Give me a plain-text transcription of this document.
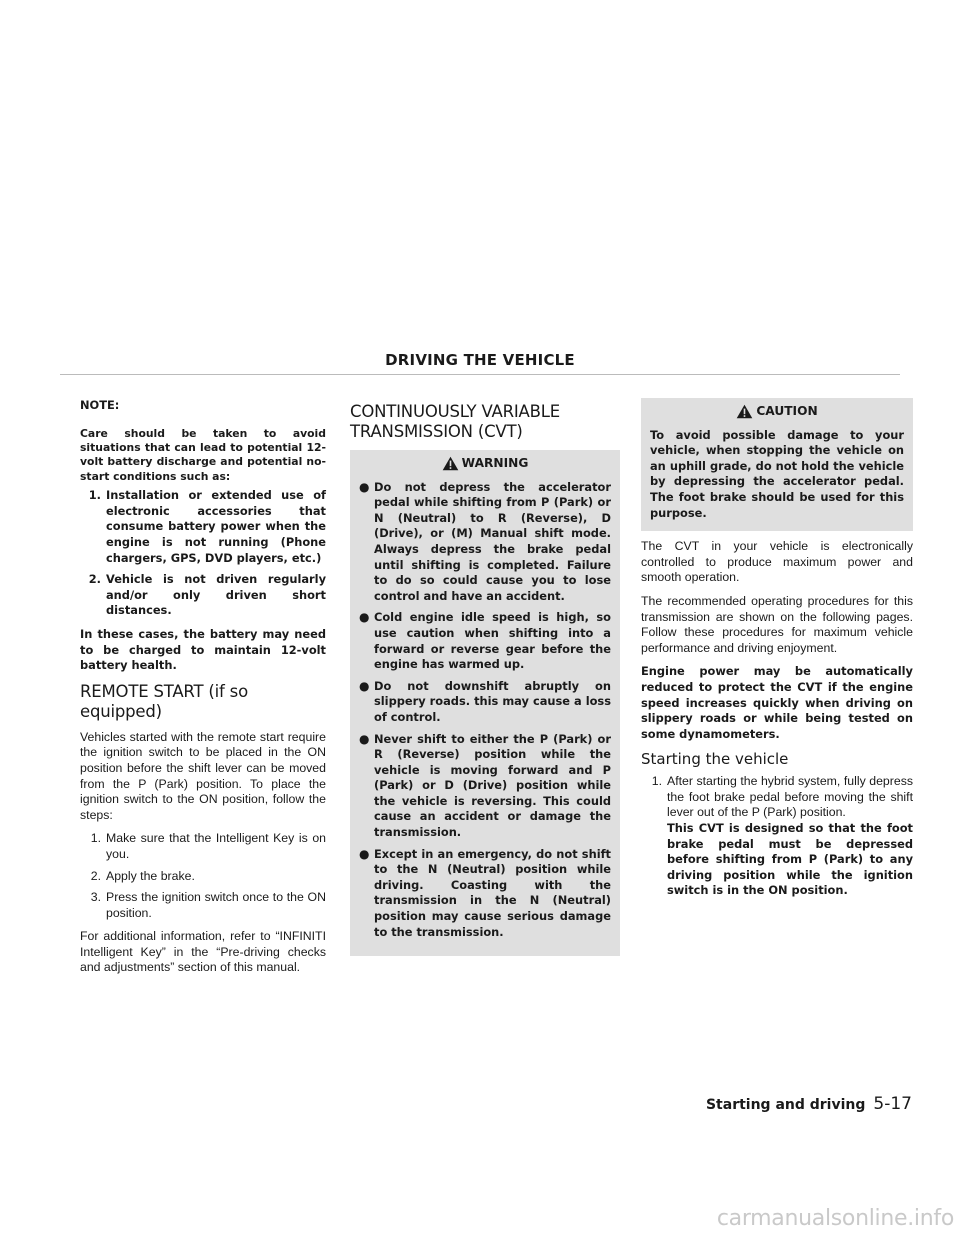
DRIVING THE VEHICLE
NOTE:
Care should be taken to avoid situations that can lead to potential 12-volt battery discharge and potential no-start conditions such as:
1. Installation or extended use of electronic accessories that consume battery power when the engine is not running (Phone chargers, GPS, DVD players, etc.)
2. Vehicle is not driven regularly and/or only driven short distances.

In these cases, the battery may need to be charged to maintain 12-volt battery health.

REMOTE START (if so equipped)

Vehicles started with the remote start require the ignition switch to be placed in the ON position before the shift lever can be moved from the P (Park) position. To place the ignition switch to the ON position, follow the steps:

1. Make sure that the Intelligent Key is on you.
2. Apply the brake.
3. Press the ignition switch once to the ON position.

For additional information, refer to “INFINITI Intelligent Key” in the “Pre-driving checks and adjustments” section of this manual.

CONTINUOUSLY VARIABLE TRANSMISSION (CVT)
WARNING
● Do not depress the accelerator pedal while shifting from P (Park) or N (Neutral) to R (Reverse), D (Drive), or (M) Manual shift mode. Always depress the brake pedal until shifting is completed. Failure to do so could cause you to lose control and have an accident.
● Cold engine idle speed is high, so use caution when shifting into a forward or reverse gear before the engine has warmed up.
● Do not downshift abruptly on slippery roads. this may cause a loss of control.
● Never shift to either the P (Park) or R (Reverse) position while the vehicle is moving forward and P (Park) or D (Drive) position while the vehicle is reversing. This could cause an accident or damage the transmission.
● Except in an emergency, do not shift to the N (Neutral) position while driving. Coasting with the transmission in the N (Neutral) position may cause serious damage to the transmission.
CAUTION

To avoid possible damage to your vehicle, when stopping the vehicle on an uphill grade, do not hold the vehicle by depressing the accelerator pedal. The foot brake should be used for this purpose.

The CVT in your vehicle is electronically controlled to produce maximum power and smooth operation.

The recommended operating procedures for this transmission are shown on the following pages. Follow these procedures for maximum vehicle performance and driving enjoyment.

Engine power may be automatically reduced to protect the CVT if the engine speed increases quickly when driving on slippery roads or while being tested on some dynamometers.

Starting the vehicle
1. After starting the hybrid system, fully depress the foot brake pedal before moving the shift lever out of the P (Park) position.
This CVT is designed so that the foot brake pedal must be depressed before shifting from P (Park) to any driving position while the ignition switch is in the ON position.
Starting and driving 5-17
carmanualsonline.info
